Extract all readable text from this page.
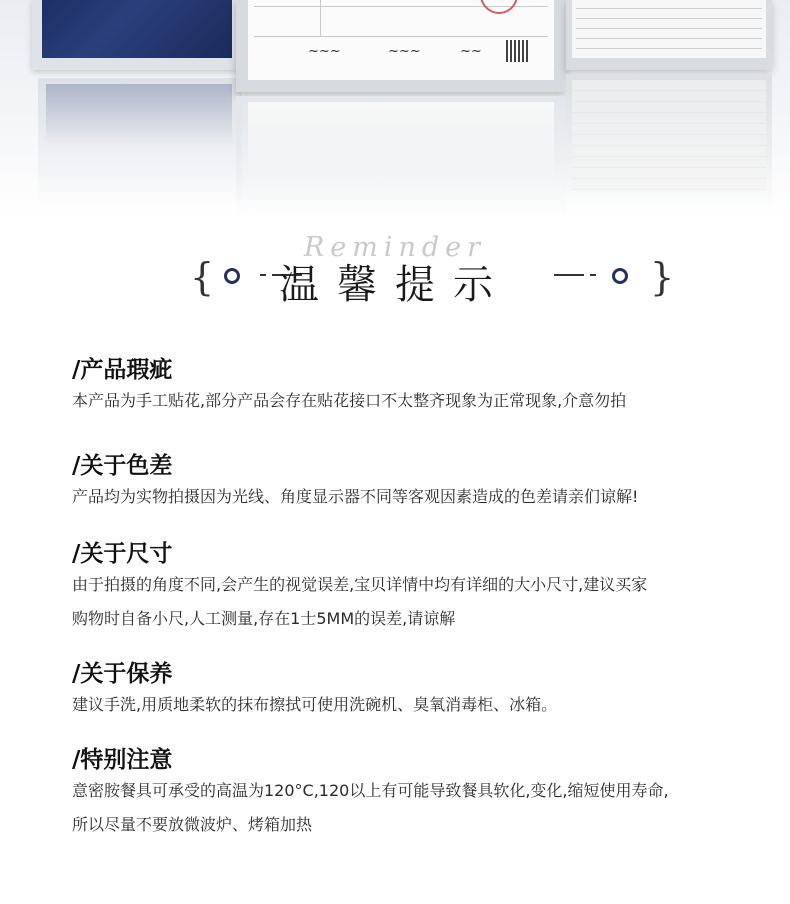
~~~	~~~	~~
Reminder
{	温馨提示	}
/产品瑕疵

本产品为手工贴花,部分产品会存在贴花接口不太整齐现象为正常现象,介意勿拍

/关于色差

产品均为实物拍摄因为光线、角度显示器不同等客观因素造成的色差请亲们谅解!

/关于尺寸

由于拍摄的角度不同,会产生的视觉误差,宝贝详情中均有详细的大小尺寸,建议买家

购物时自备小尺,人工测量,存在1士5MM的误差,请谅解

/关于保养

建议手洗,用质地柔软的抹布擦拭可使用洗碗机、臭氧消毒柜、冰箱。

/特别注意

意密胺餐具可承受的高温为120°C,120以上有可能导致餐具软化,变化,缩短使用寿命,

所以尽量不要放微波炉、烤箱加热
